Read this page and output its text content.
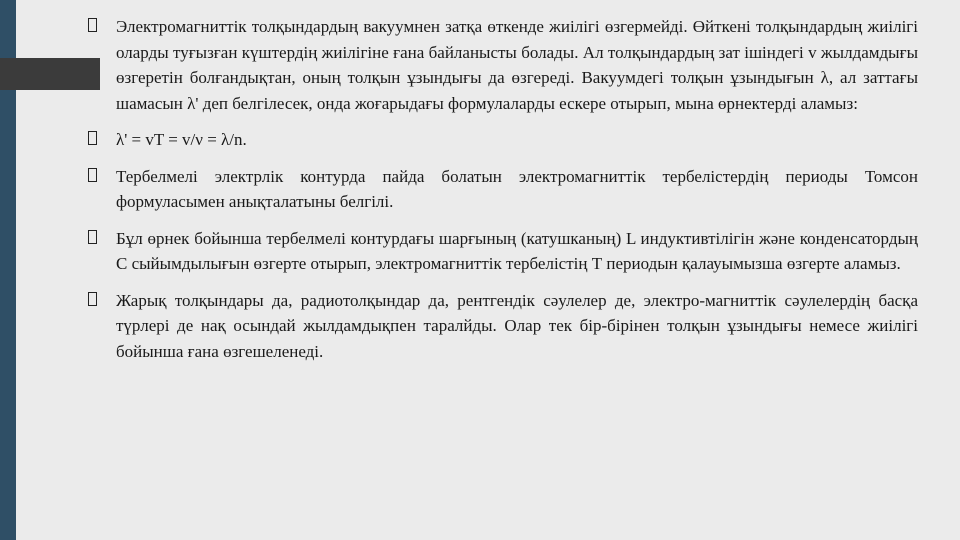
Электромагниттік толқындардың вакуумнен затқа өткенде жиілігі өзгермейді. Өйткені толқындардың жиілігі оларды туғызған күштердің жиілігіне ғана байланысты болады. Ал толқындардың зат ішіндегі v жылдамдығы өзгеретін болғандықтан, оның толқын ұзындығы да өзгереді. Вакуумдегі толқын ұзындығын λ, ал заттағы шамасын λ' деп белгілесек, онда жоғарыдағы формулаларды ескере отырып, мына өрнектерді аламыз:
λ' = vT = v/ν = λ/n.
Тербелмелі электрлік контурда пайда болатын электромагниттік тербелістердің периоды Томсон формуласымен анықталатыны белгілі.
Бұл өрнек бойынша тербелмелі контурдағы шарғының (катушканың) L индуктивтілігін және конденсатордың С сыйымдылығын өзгерте отырып, электромагниттік тербелістің Т периодын қалауымызша өзгерте аламыз.
Жарық толқындары да, радиотолқындар да, рентгендік сәулелер де, электро-магниттік сәулелердің басқа түрлері де нақ осындай жылдамдықпен таралйды. Олар тек бір-бірінен толқын ұзындығы немесе жиілігі бойынша ғана өзгешеленеді.
